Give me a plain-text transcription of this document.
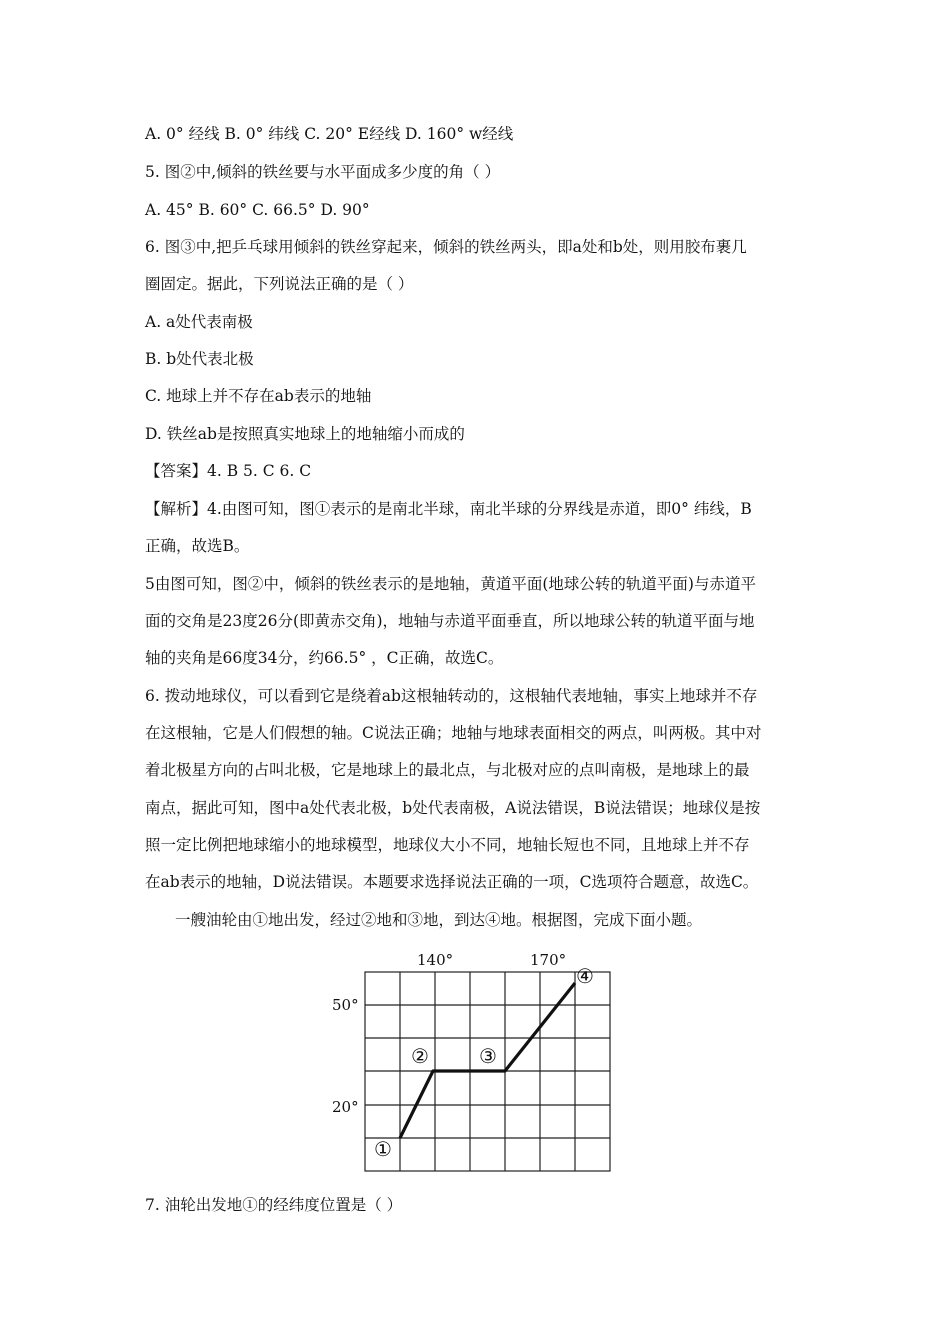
A. 0° 经线 B. 0° 纬线 C. 20° E经线 D. 160° w经线
5. 图②中,倾斜的铁丝要与水平面成多少度的角（ ）
A. 45° B. 60° C. 66.5° D. 90°
6. 图③中,把乒乓球用倾斜的铁丝穿起来，倾斜的铁丝两头，即a处和b处，则用胶布裹几
圈固定。据此，下列说法正确的是（ ）
A. a处代表南极
B. b处代表北极
C. 地球上并不存在ab表示的地轴
D. 铁丝ab是按照真实地球上的地轴缩小而成的
【答案】4. B 5. C 6. C
【解析】4.由图可知，图①表示的是南北半球，南北半球的分界线是赤道，即0° 纬线，B
正确，故选B。
5由图可知，图②中，倾斜的铁丝表示的是地轴，黄道平面(地球公转的轨道平面)与赤道平
面的交角是23度26分(即黄赤交角)，地轴与赤道平面垂直，所以地球公转的轨道平面与地
轴的夹角是66度34分，约66.5° ，C正确，故选C。
6. 拨动地球仪，可以看到它是绕着ab这根轴转动的，这根轴代表地轴，事实上地球并不存
在这根轴，它是人们假想的轴。C说法正确；地轴与地球表面相交的两点，叫两极。其中对
着北极星方向的占叫北极，它是地球上的最北点，与北极对应的点叫南极，是地球上的最
南点，据此可知，图中a处代表北极，b处代表南极，A说法错误，B说法错误；地球仪是按
照一定比例把地球缩小的地球模型，地球仪大小不同，地轴长短也不同，且地球上并不存
在ab表示的地轴，D说法错误。本题要求选择说法正确的一项，C选项符合题意，故选C。
一艘油轮由①地出发，经过②地和③地，到达④地。根据图，完成下面小题。
140°	170°
50°
20°
①
②	③
④
7. 油轮出发地①的经纬度位置是（ ）
